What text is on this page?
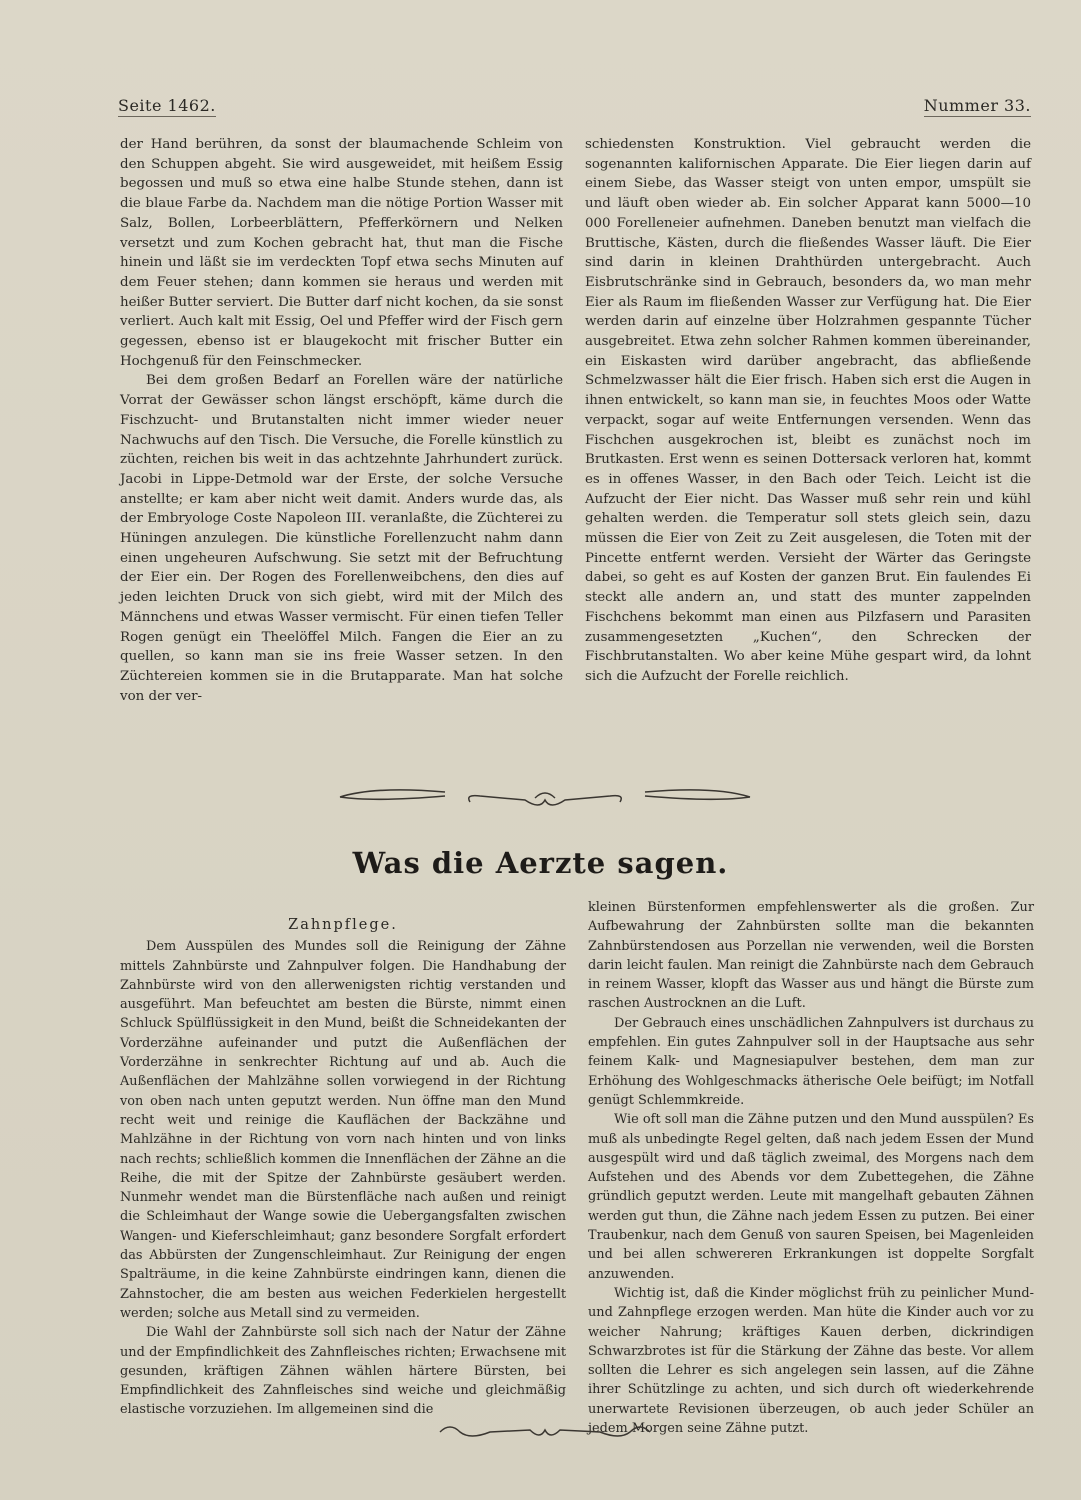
Seite 1462.	Nummer 33.

der Hand berühren, da sonst der blaumachende Schleim von den Schuppen abgeht. Sie wird ausgeweidet, mit heißem Essig begossen und muß so etwa eine halbe Stunde stehen, dann ist die blaue Farbe da. Nachdem man die nötige Portion Wasser mit Salz, Bollen, Lorbeerblättern, Pfefferkörnern und Nelken versetzt und zum Kochen gebracht hat, thut man die Fische hinein und läßt sie im verdeckten Topf etwa sechs Minuten auf dem Feuer stehen; dann kommen sie heraus und werden mit heißer Butter serviert. Die Butter darf nicht kochen, da sie sonst verliert. Auch kalt mit Essig, Oel und Pfeffer wird der Fisch gern gegessen, ebenso ist er blaugekocht mit frischer Butter ein Hochgenuß für den Feinschmecker.

Bei dem großen Bedarf an Forellen wäre der natürliche Vorrat der Gewässer schon längst erschöpft, käme durch die Fischzucht- und Brutanstalten nicht immer wieder neuer Nachwuchs auf den Tisch. Die Versuche, die Forelle künstlich zu züchten, reichen bis weit in das achtzehnte Jahrhundert zurück. Jacobi in Lippe-Detmold war der Erste, der solche Versuche anstellte; er kam aber nicht weit damit. Anders wurde das, als der Embryologe Coste Napoleon III. veranlaßte, die Züchterei zu Hüningen anzulegen. Die künstliche Forellenzucht nahm dann einen ungeheuren Aufschwung. Sie setzt mit der Befruchtung der Eier ein. Der Rogen des Forellenweibchens, den dies auf jeden leichten Druck von sich giebt, wird mit der Milch des Männchens und etwas Wasser vermischt. Für einen tiefen Teller Rogen genügt ein Theelöffel Milch. Fangen die Eier an zu quellen, so kann man sie ins freie Wasser setzen. In den Züchtereien kommen sie in die Brutapparate. Man hat solche von der ver-

schiedensten Konstruktion. Viel gebraucht werden die sogenannten kalifornischen Apparate. Die Eier liegen darin auf einem Siebe, das Wasser steigt von unten empor, umspült sie und läuft oben wieder ab. Ein solcher Apparat kann 5000—10 000 Forelleneier aufnehmen. Daneben benutzt man vielfach die Bruttische, Kästen, durch die fließendes Wasser läuft. Die Eier sind darin in kleinen Drahthürden untergebracht. Auch Eisbrutschränke sind in Gebrauch, besonders da, wo man mehr Eier als Raum im fließenden Wasser zur Verfügung hat. Die Eier werden darin auf einzelne über Holzrahmen gespannte Tücher ausgebreitet. Etwa zehn solcher Rahmen kommen übereinander, ein Eiskasten wird darüber angebracht, das abfließende Schmelzwasser hält die Eier frisch. Haben sich erst die Augen in ihnen entwickelt, so kann man sie, in feuchtes Moos oder Watte verpackt, sogar auf weite Entfernungen versenden. Wenn das Fischchen ausgekrochen ist, bleibt es zunächst noch im Brutkasten. Erst wenn es seinen Dottersack verloren hat, kommt es in offenes Wasser, in den Bach oder Teich. Leicht ist die Aufzucht der Eier nicht. Das Wasser muß sehr rein und kühl gehalten werden. die Temperatur soll stets gleich sein, dazu müssen die Eier von Zeit zu Zeit ausgelesen, die Toten mit der Pincette entfernt werden. Versieht der Wärter das Geringste dabei, so geht es auf Kosten der ganzen Brut. Ein faulendes Ei steckt alle andern an, und statt des munter zappelnden Fischchens bekommt man einen aus Pilzfasern und Parasiten zusammengesetzten „Kuchen“, den Schrecken der Fischbrutanstalten. Wo aber keine Mühe gespart wird, da lohnt sich die Aufzucht der Forelle reichlich.

Was die Aerzte sagen.
Zahnpflege.

Dem Ausspülen des Mundes soll die Reinigung der Zähne mittels Zahnbürste und Zahnpulver folgen. Die Handhabung der Zahnbürste wird von den allerwenigsten richtig verstanden und ausgeführt. Man befeuchtet am besten die Bürste, nimmt einen Schluck Spülflüssigkeit in den Mund, beißt die Schneidekanten der Vorderzähne aufeinander und putzt die Außenflächen der Vorderzähne in senkrechter Richtung auf und ab. Auch die Außenflächen der Mahlzähne sollen vorwiegend in der Richtung von oben nach unten geputzt werden. Nun öffne man den Mund recht weit und reinige die Kauflächen der Backzähne und Mahlzähne in der Richtung von vorn nach hinten und von links nach rechts; schließlich kommen die Innenflächen der Zähne an die Reihe, die mit der Spitze der Zahnbürste gesäubert werden. Nunmehr wendet man die Bürstenfläche nach außen und reinigt die Schleimhaut der Wange sowie die Uebergangsfalten zwischen Wangen- und Kieferschleimhaut; ganz besondere Sorgfalt erfordert das Abbürsten der Zungenschleimhaut. Zur Reinigung der engen Spalträume, in die keine Zahnbürste eindringen kann, dienen die Zahnstocher, die am besten aus weichen Federkielen hergestellt werden; solche aus Metall sind zu vermeiden.

Die Wahl der Zahnbürste soll sich nach der Natur der Zähne und der Empfindlichkeit des Zahnfleisches richten; Erwachsene mit gesunden, kräftigen Zähnen wählen härtere Bürsten, bei Empfindlichkeit des Zahnfleisches sind weiche und gleichmäßig elastische vorzuziehen. Im allgemeinen sind die

kleinen Bürstenformen empfehlenswerter als die großen. Zur Aufbewahrung der Zahnbürsten sollte man die bekannten Zahnbürstendosen aus Porzellan nie verwenden, weil die Borsten darin leicht faulen. Man reinigt die Zahnbürste nach dem Gebrauch in reinem Wasser, klopft das Wasser aus und hängt die Bürste zum raschen Austrocknen an die Luft.

Der Gebrauch eines unschädlichen Zahnpulvers ist durchaus zu empfehlen. Ein gutes Zahnpulver soll in der Hauptsache aus sehr feinem Kalk- und Magnesiapulver bestehen, dem man zur Erhöhung des Wohlgeschmacks ätherische Oele beifügt; im Notfall genügt Schlemmkreide.

Wie oft soll man die Zähne putzen und den Mund ausspülen? Es muß als unbedingte Regel gelten, daß nach jedem Essen der Mund ausgespült wird und daß täglich zweimal, des Morgens nach dem Aufstehen und des Abends vor dem Zubettegehen, die Zähne gründlich geputzt werden. Leute mit mangelhaft gebauten Zähnen werden gut thun, die Zähne nach jedem Essen zu putzen. Bei einer Traubenkur, nach dem Genuß von sauren Speisen, bei Magenleiden und bei allen schwereren Erkrankungen ist doppelte Sorgfalt anzuwenden.

Wichtig ist, daß die Kinder möglichst früh zu peinlicher Mund- und Zahnpflege erzogen werden. Man hüte die Kinder auch vor zu weicher Nahrung; kräftiges Kauen derben, dickrindigen Schwarzbrotes ist für die Stärkung der Zähne das beste. Vor allem sollten die Lehrer es sich angelegen sein lassen, auf die Zähne ihrer Schützlinge zu achten, und sich durch oft wiederkehrende unerwartete Revisionen überzeugen, ob auch jeder Schüler an jedem Morgen seine Zähne putzt.
